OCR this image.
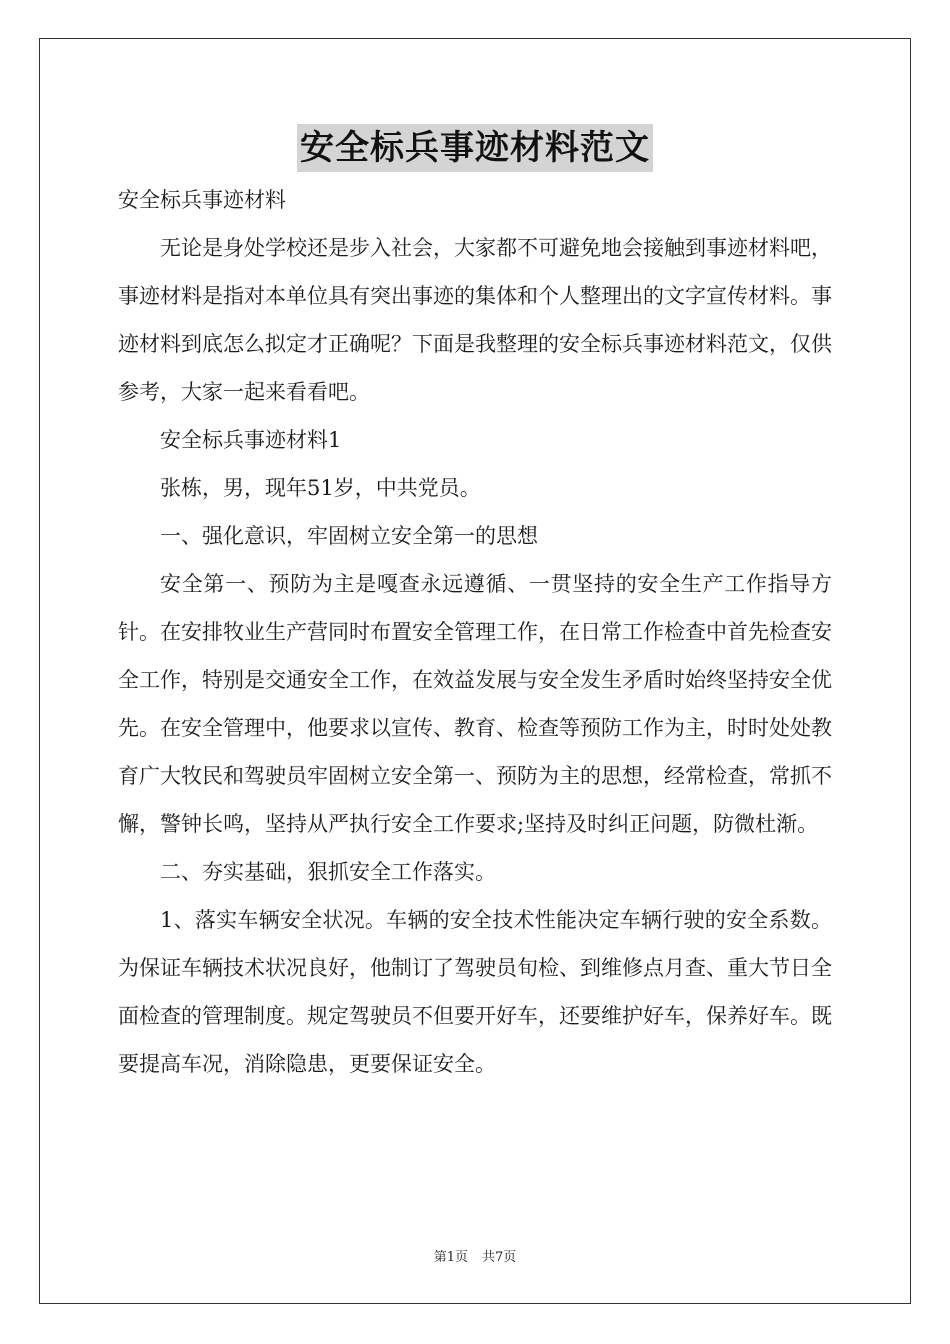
安全标兵事迹材料范文

安全标兵事迹材料

无论是身处学校还是步入社会，大家都不可避免地会接触到事迹材料吧，事迹材料是指对本单位具有突出事迹的集体和个人整理出的文字宣传材料。事迹材料到底怎么拟定才正确呢？下面是我整理的安全标兵事迹材料范文，仅供参考，大家一起来看看吧。

安全标兵事迹材料1

张栋，男，现年51岁，中共党员。

一、强化意识，牢固树立安全第一的思想

安全第一、预防为主是嘎查永远遵循、一贯坚持的安全生产工作指导方针。在安排牧业生产营同时布置安全管理工作，在日常工作检查中首先检查安全工作，特别是交通安全工作，在效益发展与安全发生矛盾时始终坚持安全优先。在安全管理中，他要求以宣传、教育、检查等预防工作为主，时时处处教育广大牧民和驾驶员牢固树立安全第一、预防为主的思想，经常检查，常抓不懈，警钟长鸣，坚持从严执行安全工作要求;坚持及时纠正问题，防微杜渐。

二、夯实基础，狠抓安全工作落实。

1、落实车辆安全状况。车辆的安全技术性能决定车辆行驶的安全系数。为保证车辆技术状况良好，他制订了驾驶员旬检、到维修点月查、重大节日全面检查的管理制度。规定驾驶员不但要开好车，还要维护好车，保养好车。既要提高车况，消除隐患，更要保证安全。

第1页 共7页
